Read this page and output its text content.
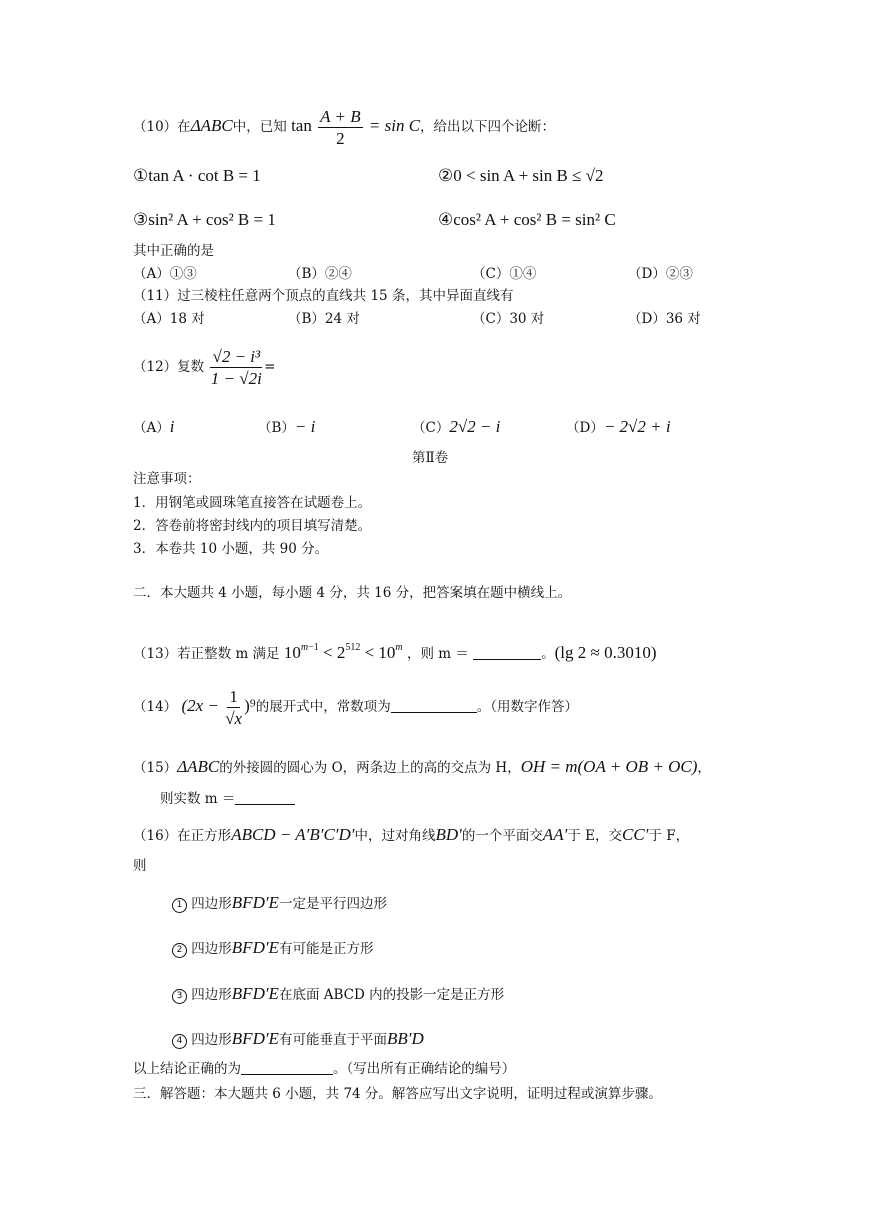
（10）在ΔABC中，已知 $\tan \frac{A + B}{2} = \sin C$，给出以下四个论断：
①tan A · cot B = 1	②0 < sin A + sin B ≤ √2
③sin² A + cos² B = 1	④cos² A + cos² B = sin² C
其中正确的是
（A）①③	（B）②④	（C）①④	（D）②③
（11）过三棱柱任意两个顶点的直线共 15 条，其中异面直线有
（A）18 对	（B）24 对	（C）30 对	（D）36 对
（12）复数 $\frac{\text{√2 − i³}}{1 - √2i}$ =
（A）i	（B）− i	（C）2√2 − i	（D）− 2√2 + i
第Ⅱ卷
注意事项：
1．用钢笔或圆珠笔直接答在试题卷上。
2．答卷前将密封线内的项目填写清楚。
3．本卷共 10 小题，共 90 分。
二．本大题共 4 小题，每小题 4 分，共 16 分，把答案填在题中横线上。
（13）若正整数 m 满足 $10^{m-1} < 2^{512} < 10^m$ ，则 m ＝	。(lg 2 ≈ 0.3010)
（14） $(2x - \frac{1}{√x} )^9$的展开式中，常数项为	。（用数字作答）
（15）ΔABC的外接圆的圆心为 O，两条边上的高的交点为 H，OH = m(OA + OB + OC)，
则实数 m ＝
（16）在正方形ABCD − A′B′C′D′中，过对角线BD′的一个平面交AA′于 E，交CC′于 F，
则
1 四边形BFD′E一定是平行四边形
2 四边形BFD′E有可能是正方形
3 四边形BFD′E在底面 ABCD 内的投影一定是正方形
4 四边形BFD′E有可能垂直于平面BB′D
以上结论正确的为	。（写出所有正确结论的编号）
三．解答题：本大题共 6 小题，共 74 分。解答应写出文字说明，证明过程或演算步骤。
